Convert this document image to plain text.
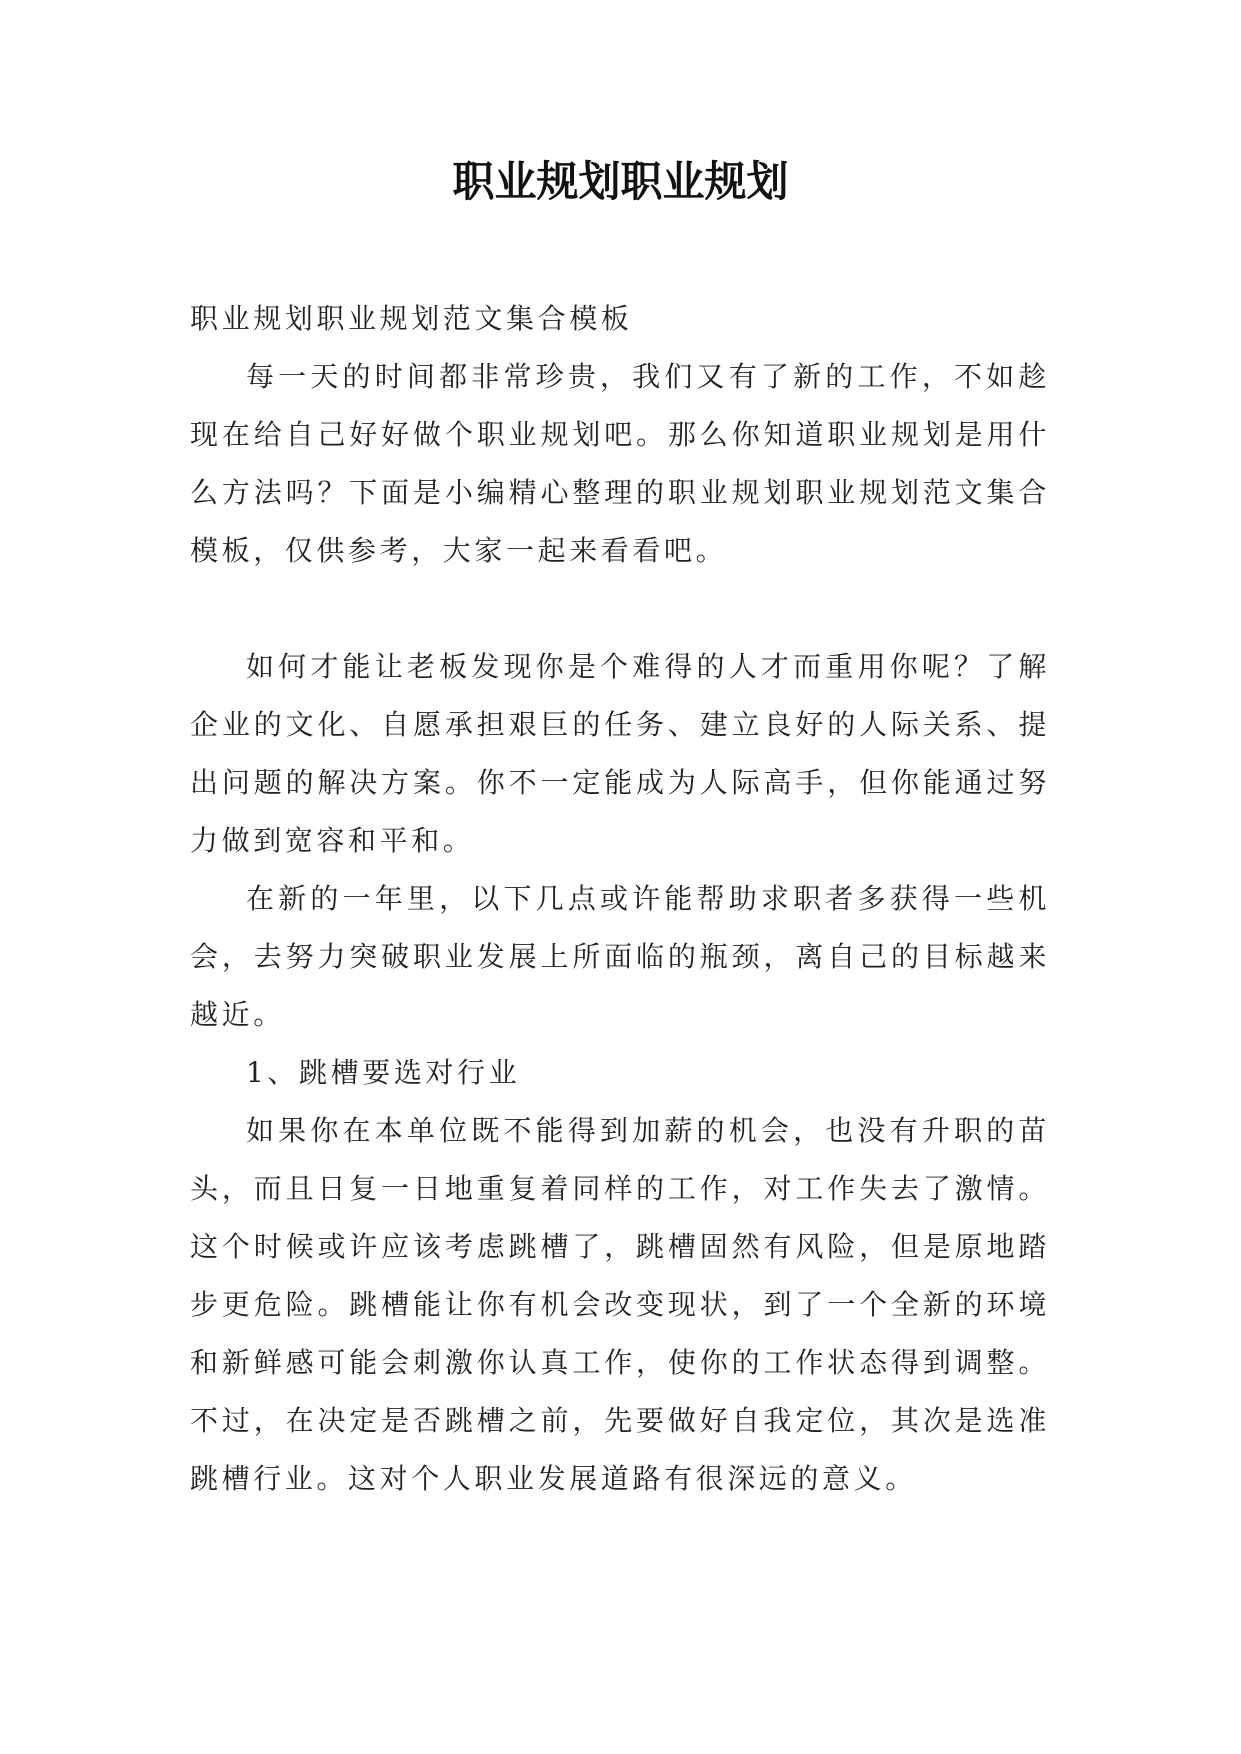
职业规划职业规划

职业规划职业规划范文集合模板

每一天的时间都非常珍贵，我们又有了新的工作，不如趁现在给自己好好做个职业规划吧。那么你知道职业规划是用什么方法吗？下面是小编精心整理的职业规划职业规划范文集合模板，仅供参考，大家一起来看看吧。

如何才能让老板发现你是个难得的人才而重用你呢？了解企业的文化、自愿承担艰巨的任务、建立良好的人际关系、提出问题的解决方案。你不一定能成为人际高手，但你能通过努力做到宽容和平和。

在新的一年里，以下几点或许能帮助求职者多获得一些机会，去努力突破职业发展上所面临的瓶颈，离自己的目标越来越近。

1、跳槽要选对行业

如果你在本单位既不能得到加薪的机会，也没有升职的苗头，而且日复一日地重复着同样的工作，对工作失去了激情。这个时候或许应该考虑跳槽了，跳槽固然有风险，但是原地踏步更危险。跳槽能让你有机会改变现状，到了一个全新的环境和新鲜感可能会刺激你认真工作，使你的工作状态得到调整。不过，在决定是否跳槽之前，先要做好自我定位，其次是选准跳槽行业。这对个人职业发展道路有很深远的意义。
